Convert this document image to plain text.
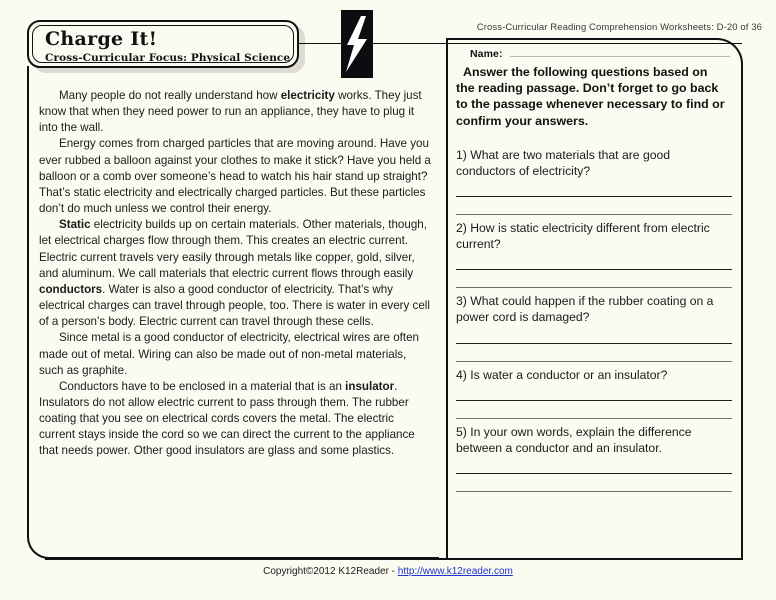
Cross-Curricular Reading Comprehension Worksheets: D-20 of 36
Charge It!
Cross-Curricular Focus: Physical Science

Many people do not really understand how electricity works. They just know that when they need power to run an appliance, they have to plug it into the wall.

Energy comes from charged particles that are moving around. Have you ever rubbed a balloon against your clothes to make it stick? Have you held a balloon or a comb over someone’s head to watch his hair stand up straight? That’s static electricity and electrically charged particles. But these particles don’t do much unless we control their energy.

Static electricity builds up on certain materials. Other materials, though, let electrical charges flow through them. This creates an electric current. Electric current travels very easily through metals like copper, gold, silver, and aluminum. We call materials that electric current flows through easily conductors. Water is also a good conductor of electricity. That’s why electrical charges can travel through people, too. There is water in every cell of a person’s body. Electric current can travel through these cells.

Since metal is a good conductor of electricity, electrical wires are often made out of metal. Wiring can also be made out of non-metal materials, such as graphite.

Conductors have to be enclosed in a material that is an insulator. Insulators do not allow electric current to pass through them. The rubber coating that you see on electrical cords covers the metal. The electric current stays inside the cord so we can direct the current to the appliance that needs power. Other good insulators are glass and some plastics.

Name:
Answer the following questions based on the reading passage. Don’t forget to go back to the passage whenever necessary to find or confirm your answers.
1) What are two materials that are good conductors of electricity?
2) How is static electricity different from electric current?
3) What could happen if the rubber coating on a power cord is damaged?
4) Is water a conductor or an insulator?
5) In your own words, explain the difference between a conductor and an insulator.
Copyright©2012 K12Reader - http://www.k12reader.com
